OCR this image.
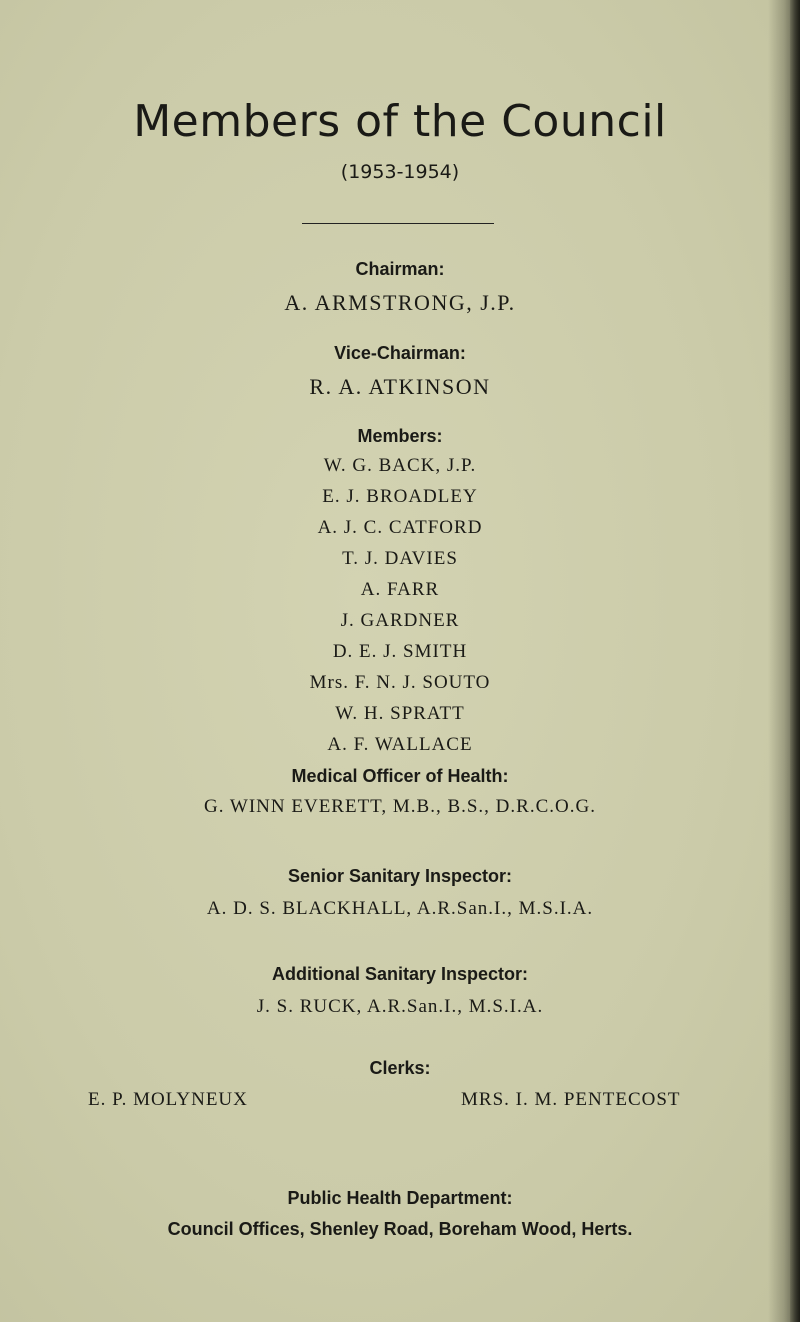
Members of the Council
(1953-1954)
Chairman:
A. ARMSTRONG, J.P.
Vice-Chairman:
R. A. ATKINSON
Members:
W. G. BACK, J.P.
E. J. BROADLEY
A. J. C. CATFORD
T. J. DAVIES
A. FARR
J. GARDNER
D. E. J. SMITH
Mrs. F. N. J. SOUTO
W. H. SPRATT
A. F. WALLACE
Medical Officer of Health:
G. WINN EVERETT, M.B., B.S., D.R.C.O.G.
Senior Sanitary Inspector:
A. D. S. BLACKHALL, A.R.San.I., M.S.I.A.
Additional Sanitary Inspector:
J. S. RUCK, A.R.San.I., M.S.I.A.
Clerks:
E. P. MOLYNEUX	MRS. I. M. PENTECOST
Public Health Department:
Council Offices, Shenley Road, Boreham Wood, Herts.
